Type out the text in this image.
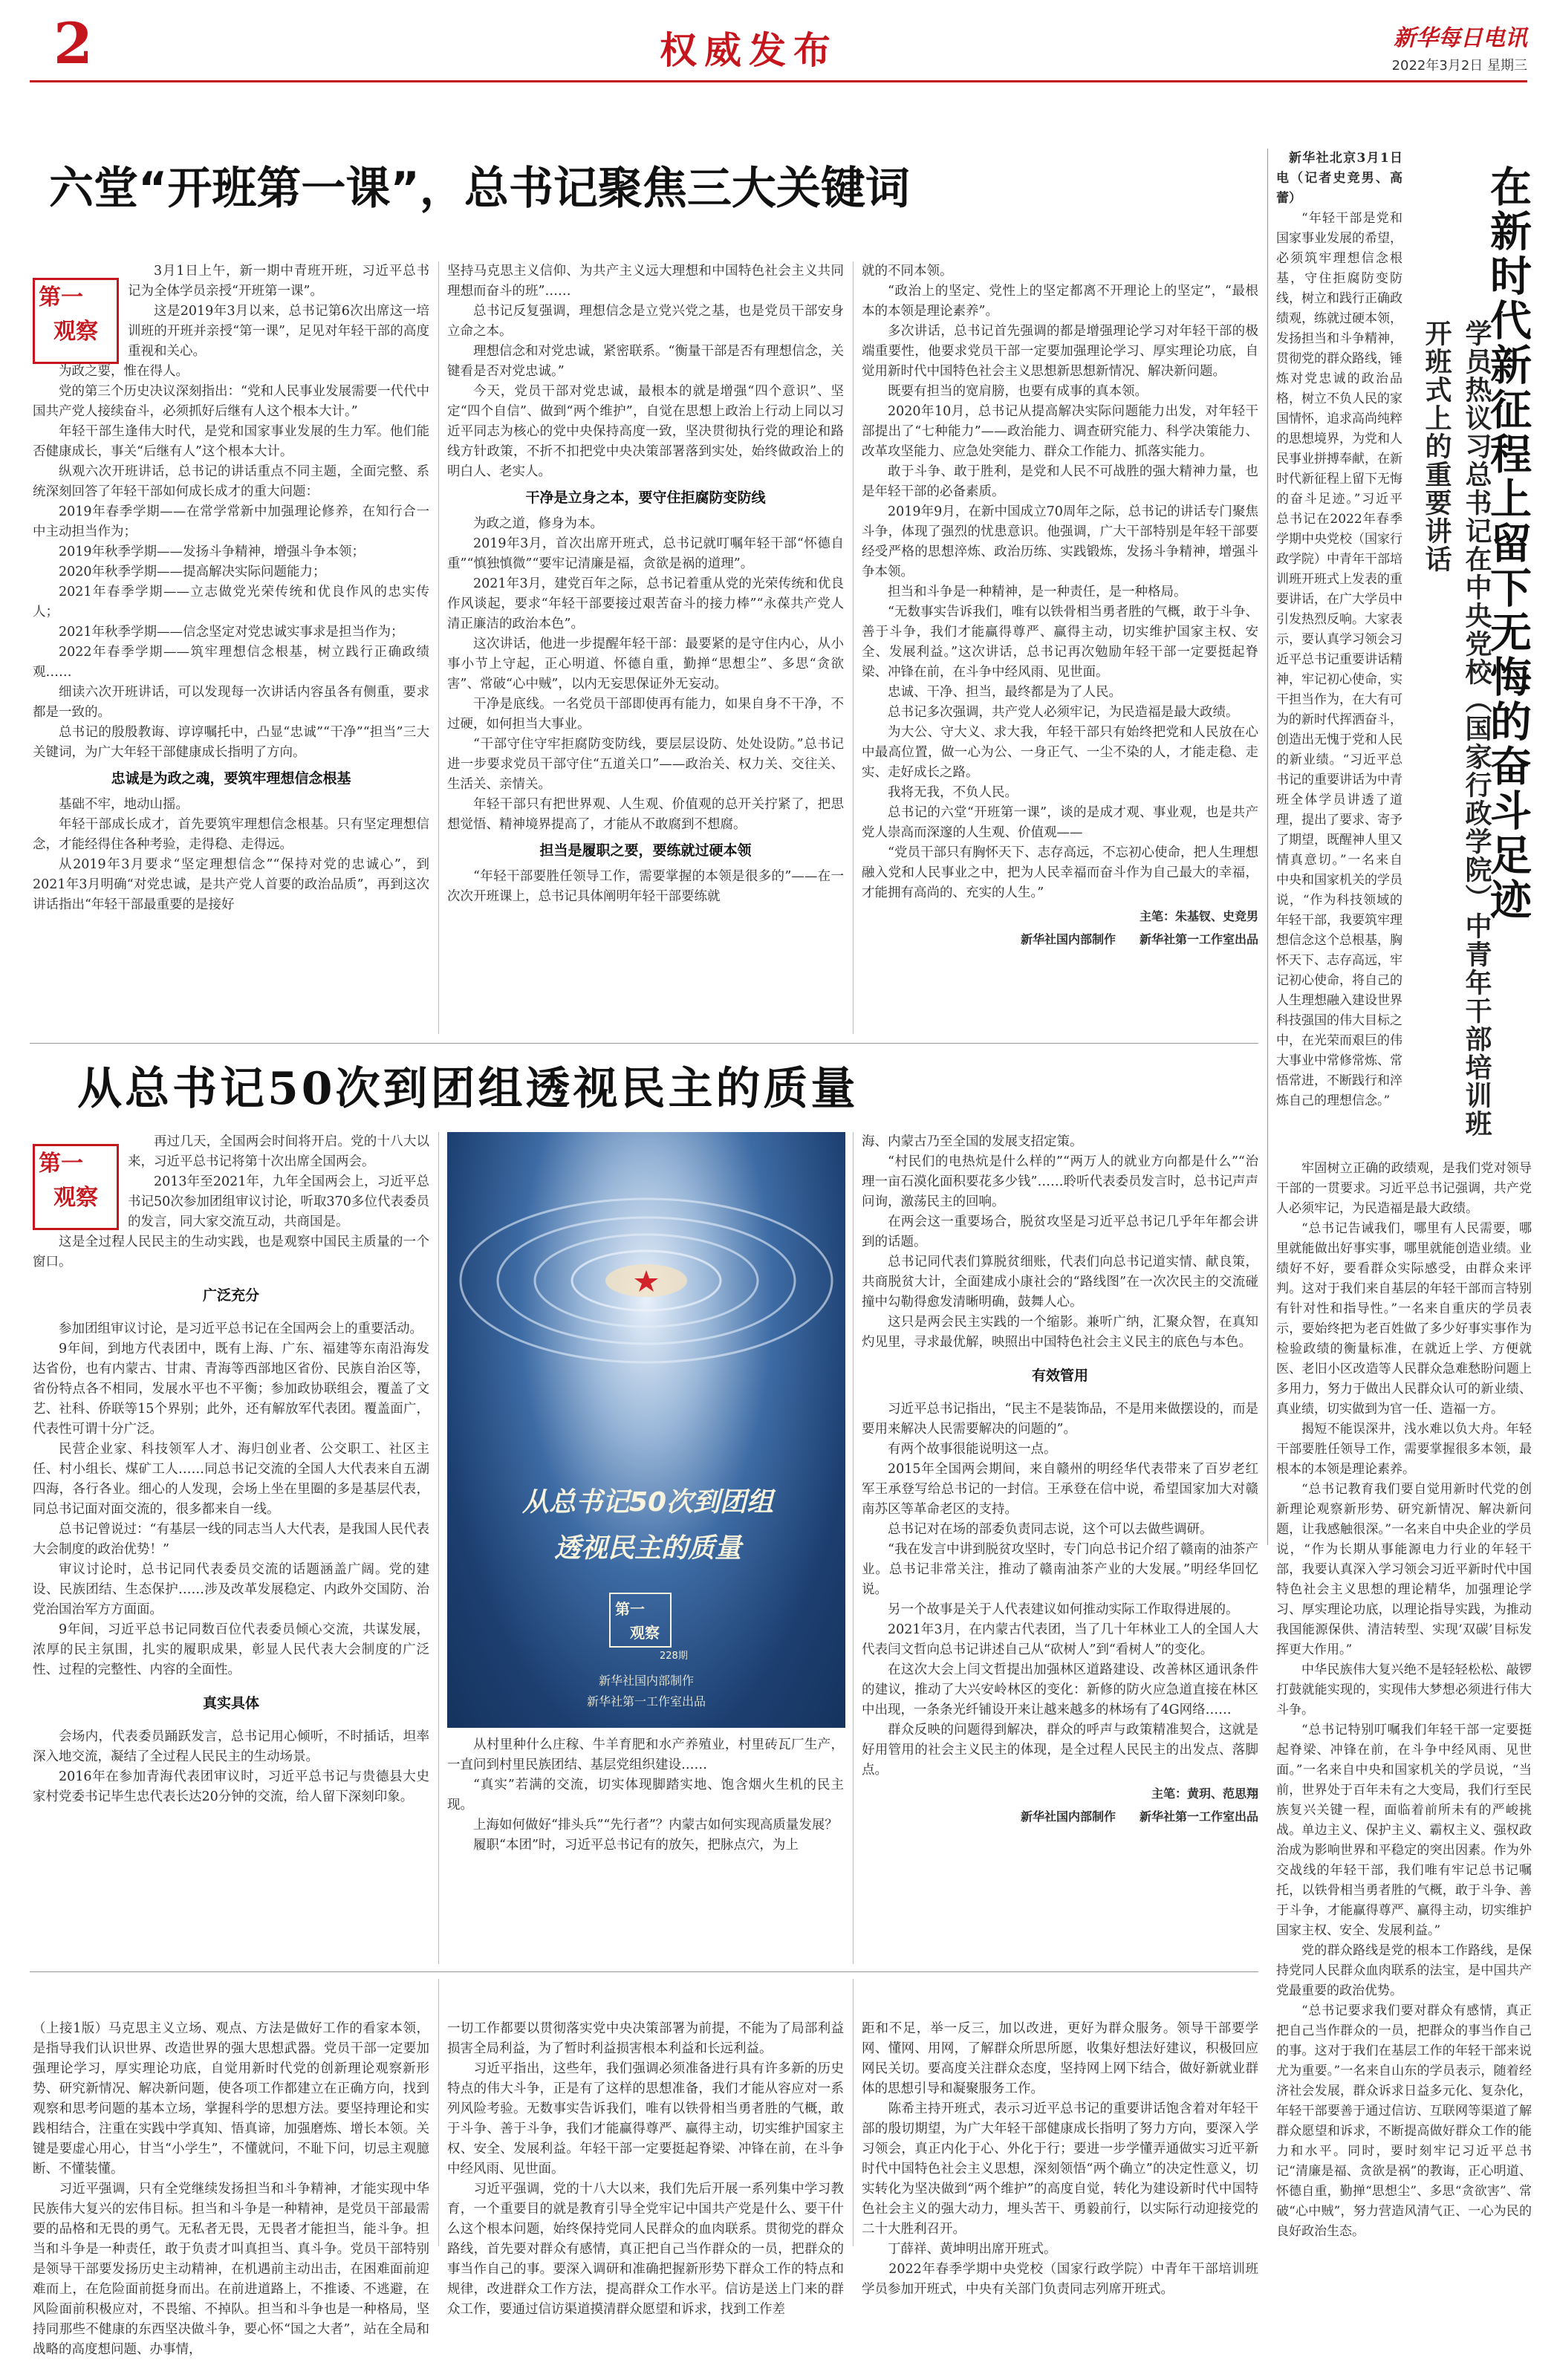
2	权威发布	新华每日电讯
2022年3月2日 星期三
六堂“开班第一课”，总书记聚焦三大关键词
第一
观察

3月1日上午，新一期中青班开班，习近平总书记为全体学员亲授“开班第一课”。

这是2019年3月以来，总书记第6次出席这一培训班的开班并亲授“第一课”，足见对年轻干部的高度重视和关心。

为政之要，惟在得人。

党的第三个历史决议深刻指出：“党和人民事业发展需要一代代中国共产党人接续奋斗，必须抓好后继有人这个根本大计。”

年轻干部生逢伟大时代，是党和国家事业发展的生力军。他们能否健康成长，事关“后继有人”这个根本大计。

纵观六次开班讲话，总书记的讲话重点不同主题，全面完整、系统深刻回答了年轻干部如何成长成才的重大问题：

2019年春季学期——在常学常新中加强理论修养，在知行合一中主动担当作为；

2019年秋季学期——发扬斗争精神，增强斗争本领；

2020年秋季学期——提高解决实际问题能力；

2021年春季学期——立志做党光荣传统和优良作风的忠实传人；

2021年秋季学期——信念坚定对党忠诚实事求是担当作为；

2022年春季学期——筑牢理想信念根基，树立践行正确政绩观……

细读六次开班讲话，可以发现每一次讲话内容虽各有侧重，要求都是一致的。

总书记的殷殷教诲、谆谆嘱托中，凸显“忠诚”“干净”“担当”三大关键词，为广大年轻干部健康成长指明了方向。

忠诚是为政之魂，要筑牢理想信念根基

基础不牢，地动山摇。

年轻干部成长成才，首先要筑牢理想信念根基。只有坚定理想信念，才能经得住各种考验，走得稳、走得远。

从2019年3月要求“坚定理想信念”“保持对党的忠诚心”，到2021年3月明确“对党忠诚，是共产党人首要的政治品质”，再到这次讲话指出“年轻干部最重要的是接好

坚持马克思主义信仰、为共产主义远大理想和中国特色社会主义共同理想而奋斗的班”……

总书记反复强调，理想信念是立党兴党之基，也是党员干部安身立命之本。

理想信念和对党忠诚，紧密联系。“衡量干部是否有理想信念，关键看是否对党忠诚。”

今天，党员干部对党忠诚，最根本的就是增强“四个意识”、坚定“四个自信”、做到“两个维护”，自觉在思想上政治上行动上同以习近平同志为核心的党中央保持高度一致，坚决贯彻执行党的理论和路线方针政策，不折不扣把党中央决策部署落到实处，始终做政治上的明白人、老实人。

干净是立身之本，要守住拒腐防变防线

为政之道，修身为本。

2019年3月，首次出席开班式，总书记就叮嘱年轻干部“怀德自重”“慎独慎微”“要牢记清廉是福，贪欲是祸的道理”。

2021年3月，建党百年之际，总书记着重从党的光荣传统和优良作风谈起，要求“年轻干部要接过艰苦奋斗的接力棒”“永葆共产党人清正廉洁的政治本色”。

这次讲话，他进一步提醒年轻干部：最要紧的是守住内心，从小事小节上守起，正心明道、怀德自重，勤掸“思想尘”、多思“贪欲害”、常破“心中贼”，以内无妄思保证外无妄动。

干净是底线。一名党员干部即使再有能力，如果自身不干净，不过硬，如何担当大事业。

“干部守住守牢拒腐防变防线，要层层设防、处处设防。”总书记进一步要求党员干部守住“五道关口”——政治关、权力关、交往关、生活关、亲情关。

年轻干部只有把世界观、人生观、价值观的总开关拧紧了，把思想觉悟、精神境界提高了，才能从不敢腐到不想腐。

担当是履职之要，要练就过硬本领

“年轻干部要胜任领导工作，需要掌握的本领是很多的”——在一次次开班课上，总书记具体阐明年轻干部要练就

就的不同本领。

“政治上的坚定、党性上的坚定都离不开理论上的坚定”，“最根本的本领是理论素养”。

多次讲话，总书记首先强调的都是增强理论学习对年轻干部的极端重要性，他要求党员干部一定要加强理论学习、厚实理论功底，自觉用新时代中国特色社会主义思想新思想新情况、解决新问题。

既要有担当的宽肩膀，也要有成事的真本领。

2020年10月，总书记从提高解决实际问题能力出发，对年轻干部提出了“七种能力”——政治能力、调查研究能力、科学决策能力、改革攻坚能力、应急处突能力、群众工作能力、抓落实能力。

敢于斗争、敢于胜利，是党和人民不可战胜的强大精神力量，也是年轻干部的必备素质。

2019年9月，在新中国成立70周年之际，总书记的讲话专门聚焦斗争，体现了强烈的忧患意识。他强调，广大干部特别是年轻干部要经受严格的思想淬炼、政治历练、实践锻炼，发扬斗争精神，增强斗争本领。

担当和斗争是一种精神，是一种责任，是一种格局。

“无数事实告诉我们，唯有以铁骨相当勇者胜的气概，敢于斗争、善于斗争，我们才能赢得尊严、赢得主动，切实维护国家主权、安全、发展利益。”这次讲话，总书记再次勉励年轻干部一定要挺起脊梁、冲锋在前，在斗争中经风雨、见世面。

忠诚、干净、担当，最终都是为了人民。

总书记多次强调，共产党人必须牢记，为民造福是最大政绩。

为大公、守大义、求大我，年轻干部只有始终把党和人民放在心中最高位置，做一心为公、一身正气、一尘不染的人，才能走稳、走实、走好成长之路。

我将无我，不负人民。

总书记的六堂“开班第一课”，谈的是成才观、事业观，也是共产党人崇高而深邃的人生观、价值观——

“党员干部只有胸怀天下、志存高远，不忘初心使命，把人生理想融入党和人民事业之中，把为人民幸福而奋斗作为自己最大的幸福，才能拥有高尚的、充实的人生。”

主笔：朱基钗、史竞男
新华社国内部制作　　新华社第一工作室出品

新华社北京3月1日电（记者史竞男、高蕾）

“年轻干部是党和国家事业发展的希望，必须筑牢理想信念根基，守住拒腐防变防线，树立和践行正确政绩观，练就过硬本领，发扬担当和斗争精神，贯彻党的群众路线，锤炼对党忠诚的政治品格，树立不负人民的家国情怀，追求高尚纯粹的思想境界，为党和人民事业拼搏奉献，在新时代新征程上留下无悔的奋斗足迹。”习近平总书记在2022年春季学期中央党校（国家行政学院）中青年干部培训班开班式上发表的重要讲话，在广大学员中引发热烈反响。大家表示，要认真学习领会习近平总书记重要讲话精神，牢记初心使命，实干担当作为，在大有可为的新时代挥洒奋斗，创造出无愧于党和人民的新业绩。“习近平总书记的重要讲话为中青班全体学员讲透了道理，提出了要求、寄予了期望，既醒神人里又情真意切。”一名来自中央和国家机关的学员说，“作为科技领域的年轻干部，我要筑牢理想信念这个总根基，胸怀天下、志存高远，牢记初心使命，将自己的人生理想融入建设世界科技强国的伟大目标之中，在光荣而艰巨的伟大事业中常修常炼、常悟常进，不断践行和淬炼自己的理想信念。”	学员热议习总书记在中央党校（国家行政学院）中青年干部培训班开班式上的重要讲话 在新时代新征程上留下无悔的奋斗足迹

牢固树立正确的政绩观，是我们党对领导干部的一贯要求。习近平总书记强调，共产党人必须牢记，为民造福是最大政绩。

“总书记告诫我们，哪里有人民需要，哪里就能做出好事实事，哪里就能创造业绩。业绩好不好，要看群众实际感受，由群众来评判。这对于我们来自基层的年轻干部而言特别有针对性和指导性。”一名来自重庆的学员表示，要始终把为老百姓做了多少好事实事作为检验政绩的衡量标准，在就近上学、方便就医、老旧小区改造等人民群众急难愁盼问题上多用力，努力于做出人民群众认可的新业绩、真业绩，切实做到为官一任、造福一方。

揭短不能误深井，浅水难以负大舟。年轻干部要胜任领导工作，需要掌握很多本领，最根本的本领是理论素养。

“总书记教育我们要自觉用新时代党的创新理论观察新形势、研究新情况、解决新问题，让我感触很深。”一名来自中央企业的学员说，“作为长期从事能源电力行业的年轻干部，我要认真深入学习领会习近平新时代中国特色社会主义思想的理论精华，加强理论学习、厚实理论功底，以理论指导实践，为推动我国能源保供、清洁转型、实现‘双碳’目标发挥更大作用。”

中华民族伟大复兴绝不是轻轻松松、敲锣打鼓就能实现的，实现伟大梦想必须进行伟大斗争。

“总书记特别叮嘱我们年轻干部一定要挺起脊梁、冲锋在前，在斗争中经风雨、见世面。”一名来自中央和国家机关的学员说，“当前，世界处于百年未有之大变局，我们行至民族复兴关键一程，面临着前所未有的严峻挑战。单边主义、保护主义、霸权主义、强权政治成为影响世界和平稳定的突出因素。作为外交战线的年轻干部，我们唯有牢记总书记嘱托，以铁骨相当勇者胜的气概，敢于斗争、善于斗争，才能赢得尊严、赢得主动，切实维护国家主权、安全、发展利益。”

党的群众路线是党的根本工作路线，是保持党同人民群众血肉联系的法宝，是中国共产党最重要的政治优势。

“总书记要求我们要对群众有感情，真正把自己当作群众的一员，把群众的事当作自己的事。这对于我们在基层工作的年轻干部来说尤为重要。”一名来自山东的学员表示，随着经济社会发展，群众诉求日益多元化、复杂化，年轻干部要善于通过信访、互联网等渠道了解群众愿望和诉求，不断提高做好群众工作的能力和水平。同时，要时刻牢记习近平总书记“清廉是福、贪欲是祸”的教诲，正心明道、怀德自重，勤掸“思想尘”、多思“贪欲害”、常破“心中贼”，努力营造风清气正、一心为民的良好政治生态。

从总书记50次到团组透视民主的质量
第一
观察

再过几天，全国两会时间将开启。党的十八大以来，习近平总书记将第十次出席全国两会。

2013年至2021年，九年全国两会上，习近平总书记50次参加团组审议讨论，听取370多位代表委员的发言，同大家交流互动，共商国是。

这是全过程人民民主的生动实践，也是观察中国民主质量的一个窗口。

广泛充分

参加团组审议讨论，是习近平总书记在全国两会上的重要活动。

9年间，到地方代表团中，既有上海、广东、福建等东南沿海发达省份，也有内蒙古、甘肃、青海等西部地区省份、民族自治区等，省份特点各不相同，发展水平也不平衡；参加政协联组会，覆盖了文艺、社科、侨联等15个界别；此外，还有解放军代表团。覆盖面广，代表性可谓十分广泛。

民营企业家、科技领军人才、海归创业者、公交职工、社区主任、村小组长、煤矿工人……同总书记交流的全国人大代表来自五湖四海，各行各业。细心的人发现，会场上坐在里圈的多是基层代表，同总书记面对面交流的，很多都来自一线。

总书记曾说过：“有基层一线的同志当人大代表，是我国人民代表大会制度的政治优势！”

审议讨论时，总书记同代表委员交流的话题涵盖广阔。党的建设、民族团结、生态保护……涉及改革发展稳定、内政外交国防、治党治国治军方方面面。

9年间，习近平总书记同数百位代表委员倾心交流，共谋发展，浓厚的民主氛围，扎实的履职成果，彰显人民代表大会制度的广泛性、过程的完整性、内容的全面性。

真实具体

会场内，代表委员踊跃发言，总书记用心倾听，不时插话，坦率深入地交流，凝结了全过程人民民主的生动场景。

2016年在参加青海代表团审议时，习近平总书记与贵德县大史家村党委书记毕生忠代表长达20分钟的交流，给人留下深刻印象。

从总书记50次到团组
透视民主的质量
第一
观察
228期
新华社国内部制作
新华社第一工作室出品

从村里种什么庄稼、牛羊育肥和水产养殖业，村里砖瓦厂生产，一直问到村里民族团结、基层党组织建设……

“真实”若满的交流，切实体现脚踏实地、饱含烟火生机的民主现。

上海如何做好“排头兵”“先行者”？内蒙古如何实现高质量发展？

履职“本团”时，习近平总书记有的放矢，把脉点穴，为上

海、内蒙古乃至全国的发展支招定策。

“村民们的电热炕是什么样的”“两万人的就业方向都是什么”“治理一亩石漠化面积要花多少钱”……聆听代表委员发言时，总书记声声问询，激荡民主的回响。

在两会这一重要场合，脱贫攻坚是习近平总书记几乎年年都会讲到的话题。

总书记同代表们算脱贫细账，代表们向总书记道实情、献良策，共商脱贫大计，全面建成小康社会的“路线图”在一次次民主的交流碰撞中勾勒得愈发清晰明确，鼓舞人心。

这只是两会民主实践的一个缩影。兼听广纳，汇聚众智，在真知灼见里，寻求最优解，映照出中国特色社会主义民主的底色与本色。

有效管用

习近平总书记指出，“民主不是装饰品，不是用来做摆设的，而是要用来解决人民需要解决的问题的”。

有两个故事很能说明这一点。

2015年全国两会期间，来自赣州的明经华代表带来了百岁老红军王承登写给总书记的一封信。王承登在信中说，希望国家加大对赣南苏区等革命老区的支持。

总书记对在场的部委负责同志说，这个可以去做些调研。

“我在发言中讲到脱贫攻坚时，专门向总书记介绍了赣南的油茶产业。总书记非常关注，推动了赣南油茶产业的大发展。”明经华回忆说。

另一个故事是关于人代表建议如何推动实际工作取得进展的。

2021年3月，在内蒙古代表团，当了几十年林业工人的全国人大代表闫文哲向总书记讲述自己从“砍树人”到“看树人”的变化。

在这次大会上闫文哲提出加强林区道路建设、改善林区通讯条件的建议，推动了大兴安岭林区的变化：新修的防火应急道直接在林区中出现，一条条光纤铺设开来让越来越多的林场有了4G网络……

群众反映的问题得到解决，群众的呼声与政策精准契合，这就是好用管用的社会主义民主的体现，是全过程人民民主的出发点、落脚点。

主笔：黄玥、范思翔
新华社国内部制作　　新华社第一工作室出品

（上接1版）马克思主义立场、观点、方法是做好工作的看家本领，是指导我们认识世界、改造世界的强大思想武器。党员干部一定要加强理论学习，厚实理论功底，自觉用新时代党的创新理论观察新形势、研究新情况、解决新问题，使各项工作都建立在正确方向，找到观察和思考问题的基本立场，掌握科学的思想方法。要坚持理论和实践相结合，注重在实践中学真知、悟真谛，加强磨炼、增长本领。关键是要虚心用心，甘当“小学生”，不懂就问，不耻下问，切忌主观臆断、不懂装懂。
　　习近平强调，只有全党继续发扬担当和斗争精神，才能实现中华民族伟大复兴的宏伟目标。担当和斗争是一种精神，是党员干部最需要的品格和无畏的勇气。无私者无畏，无畏者才能担当，能斗争。担当和斗争是一种责任，敢于负责才叫真担当、真斗争。党员干部特别是领导干部要发扬历史主动精神，在机遇前主动出击，在困难面前迎难而上，在危险面前挺身而出。在前进道路上，不推诿、不逃避，在风险面前积极应对，不畏缩、不掉队。担当和斗争也是一种格局，坚持同那些不健康的东西坚决做斗争，要心怀“国之大者”，站在全局和战略的高度想问题、办事情，

一切工作都要以贯彻落实党中央决策部署为前提，不能为了局部利益损害全局利益，为了暂时利益损害根本利益和长远利益。
　　习近平指出，这些年，我们强调必须准备进行具有许多新的历史特点的伟大斗争，正是有了这样的思想准备，我们才能从容应对一系列风险考验。无数事实告诉我们，唯有以铁骨相当勇者胜的气概，敢于斗争、善于斗争，我们才能赢得尊严、赢得主动，切实维护国家主权、安全、发展利益。年轻干部一定要挺起脊梁、冲锋在前，在斗争中经风雨、见世面。
　　习近平强调，党的十八大以来，我们先后开展一系列集中学习教育，一个重要目的就是教育引导全党牢记中国共产党是什么、要干什么这个根本问题，始终保持党同人民群众的血肉联系。贯彻党的群众路线，首先要对群众有感情，真正把自己当作群众的一员，把群众的事当作自己的事。要深入调研和准确把握新形势下群众工作的特点和规律，改进群众工作方法，提高群众工作水平。信访是送上门来的群众工作，要通过信访渠道摸清群众愿望和诉求，找到工作差

距和不足，举一反三，加以改进，更好为群众服务。领导干部要学网、懂网、用网，了解群众所思所愿，收集好想法好建议，积极回应网民关切。要高度关注群众态度，坚持网上网下结合，做好新就业群体的思想引导和凝聚服务工作。
　　陈希主持开班式，表示习近平总书记的重要讲话饱含着对年轻干部的殷切期望，为广大年轻干部健康成长指明了努力方向，要深入学习领会，真正内化于心、外化于行；要进一步学懂弄通做实习近平新时代中国特色社会主义思想，深刻领悟“两个确立”的决定性意义，切实转化为坚决做到“两个维护”的高度自觉，转化为建设新时代中国特色社会主义的强大动力，埋头苦干、勇毅前行，以实际行动迎接党的二十大胜利召开。
　　丁薛祥、黄坤明出席开班式。
　　2022年春季学期中央党校（国家行政学院）中青年干部培训班学员参加开班式，中央有关部门负责同志列席开班式。
